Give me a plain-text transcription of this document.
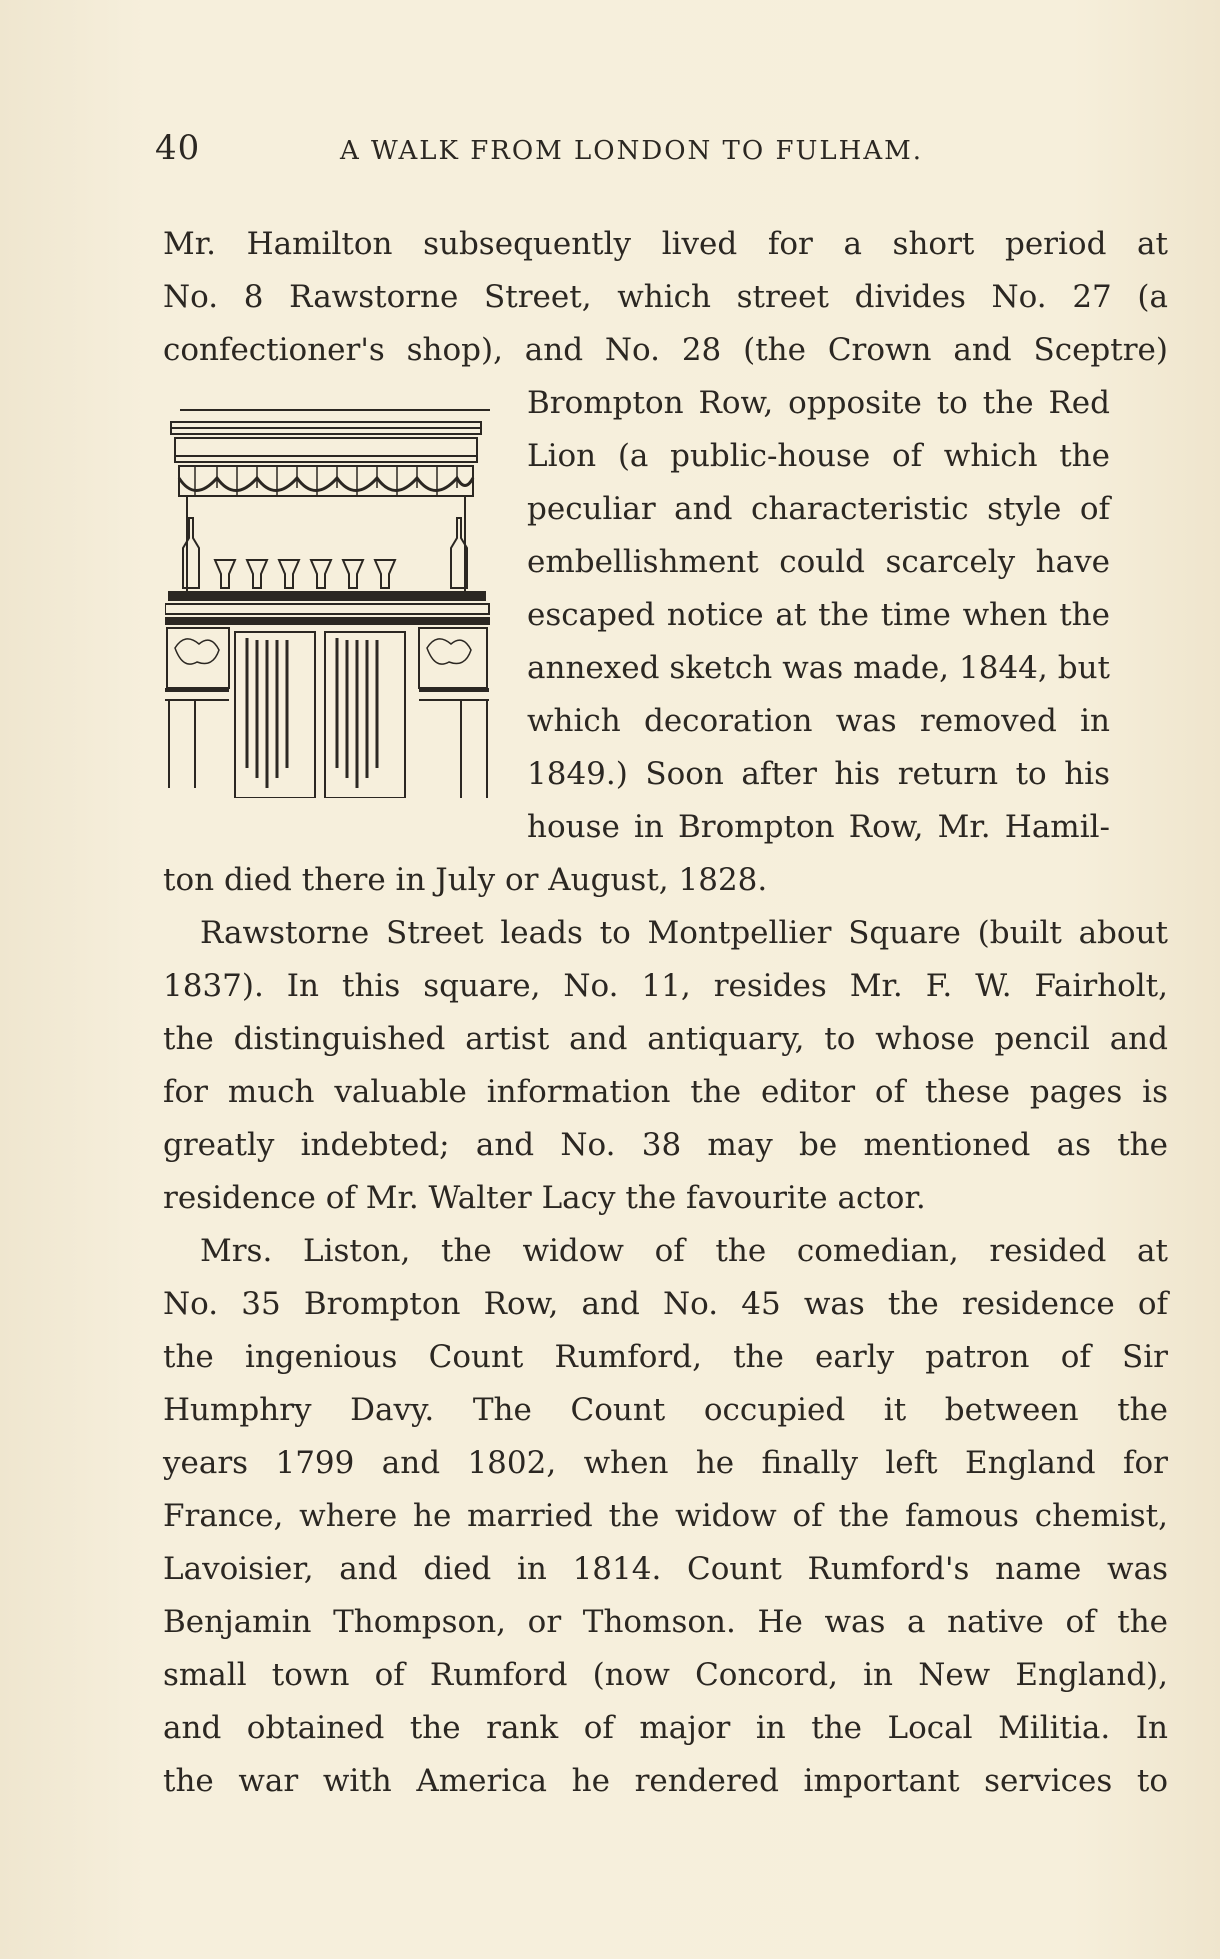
40	A WALK FROM LONDON TO FULHAM.
Mr. Hamilton subsequently lived for a short period at
No. 8 Rawstorne Street, which street divides No. 27 (a
confectioner's shop), and No. 28 (the Crown and Sceptre)
Brompton Row, opposite to the Red
Lion (a public-house of which the
peculiar and characteristic style of
embellishment could scarcely have
escaped notice at the time when the
annexed sketch was made, 1844, but
which decoration was removed in
1849.) Soon after his return to his
house in Brompton Row, Mr. Hamil-
ton died there in July or August, 1828.
Rawstorne Street leads to Montpellier Square (built about
1837). In this square, No. 11, resides Mr. F. W. Fairholt,
the distinguished artist and antiquary, to whose pencil and
for much valuable information the editor of these pages is
greatly indebted; and No. 38 may be mentioned as the
residence of Mr. Walter Lacy the favourite actor.
Mrs. Liston, the widow of the comedian, resided at
No. 35 Brompton Row, and No. 45 was the residence of
the ingenious Count Rumford, the early patron of Sir
Humphry Davy. The Count occupied it between the
years 1799 and 1802, when he finally left England for
France, where he married the widow of the famous chemist,
Lavoisier, and died in 1814. Count Rumford's name was
Benjamin Thompson, or Thomson. He was a native of the
small town of Rumford (now Concord, in New England),
and obtained the rank of major in the Local Militia. In
the war with America he rendered important services to
